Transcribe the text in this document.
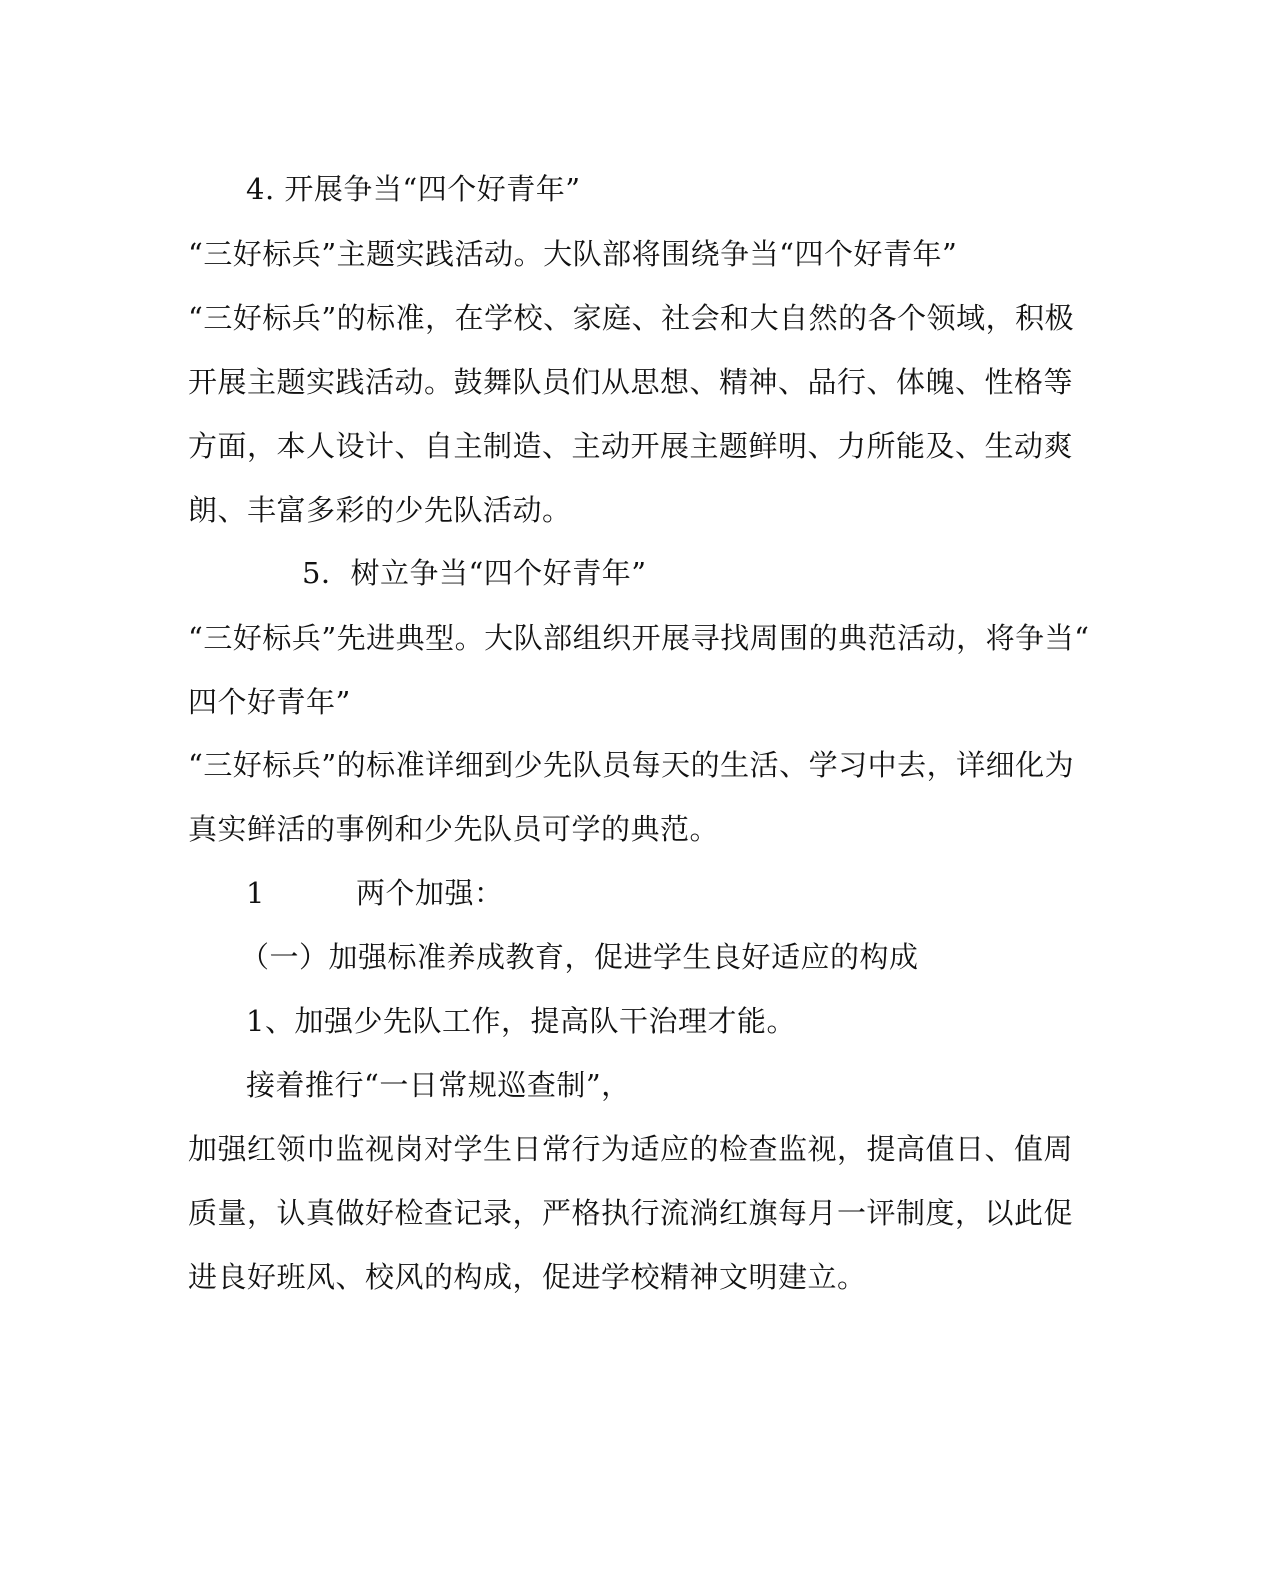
4. 开展争当“四个好青年”
“三好标兵”主题实践活动。大队部将围绕争当“四个好青年”
“三好标兵”的标准，在学校、家庭、社会和大自然的各个领域，积极
开展主题实践活动。鼓舞队员们从思想、精神、品行、体魄、性格等
方面，本人设计、自主制造、主动开展主题鲜明、力所能及、生动爽
朗、丰富多彩的少先队活动。
5．树立争当“四个好青年”
“三好标兵”先进典型。大队部组织开展寻找周围的典范活动，将争当“
四个好青年”
“三好标兵”的标准详细到少先队员每天的生活、学习中去，详细化为
真实鲜活的事例和少先队员可学的典范。
1	两个加强：
（一）加强标准养成教育，促进学生良好适应的构成
1、加强少先队工作，提高队干治理才能。
接着推行“一日常规巡查制”，
加强红领巾监视岗对学生日常行为适应的检查监视，提高值日、值周
质量，认真做好检查记录，严格执行流淌红旗每月一评制度，以此促
进良好班风、校风的构成，促进学校精神文明建立。
